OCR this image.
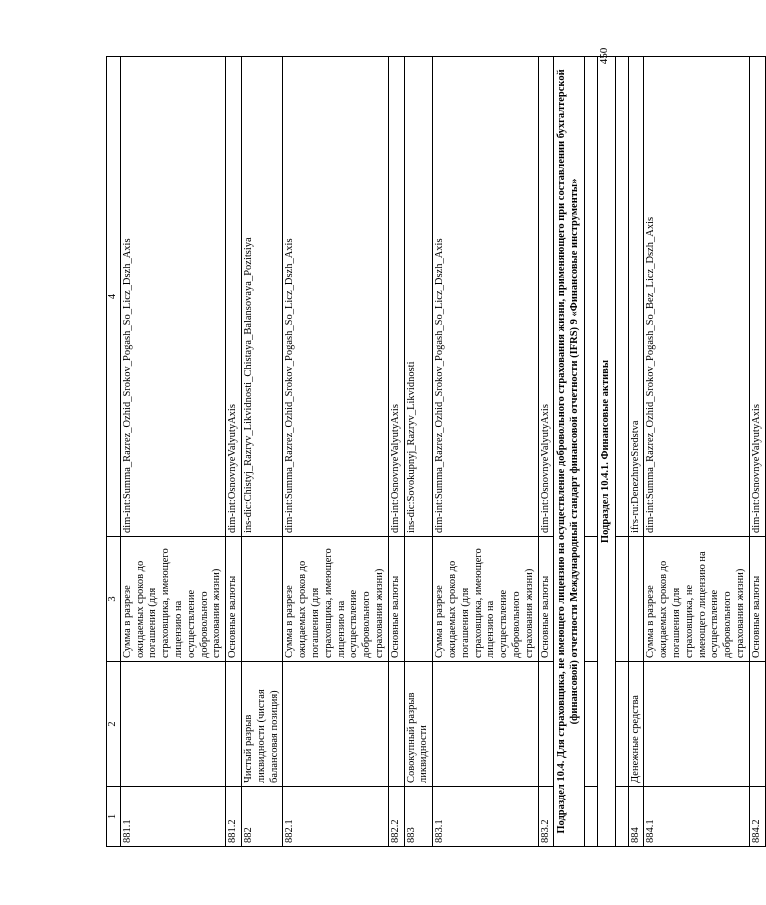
450
1	2	3	4
881.1		Сумма в разрезе ожидаемых сроков до погашения (для страховщика, имеющего лицензию на осуществление добровольного страхования жизни)	dim-int:Summa_Razrez_Ozhid_Srokov_Pogash_So_Licz_Dszh_Axis
881.2		Основные валюты	dim-int:OsnovnyeValyutyAxis
882	Чистый разрыв ликвидности (чистая балансовая позиция)		ins-dic:Chistyj_Razryv_Likvidnosti_Chistaya_Balansovaya_Pozitsiya
882.1		Сумма в разрезе ожидаемых сроков до погашения (для страховщика, имеющего лицензию на осуществление добровольного страхования жизни)	dim-int:Summa_Razrez_Ozhid_Srokov_Pogash_So_Licz_Dszh_Axis
882.2		Основные валюты	dim-int:OsnovnyeValyutyAxis
883	Совокупный разрыв ликвидности		ins-dic:Sovokupnyj_Razryv_Likvidnosti
883.1		Сумма в разрезе ожидаемых сроков до погашения (для страховщика, имеющего лицензию на осуществление добровольного страхования жизни)	dim-int:Summa_Razrez_Ozhid_Srokov_Pogash_So_Licz_Dszh_Axis
883.2		Основные валюты	dim-int:OsnovnyeValyutyAxis
Подраздел 10.4. Для страховщика, не имеющего лицензию на осуществление добровольного страхования жизни, применяющего при составлении бухгалтерской (финансовой) отчетности Международный стандарт финансовой отчетности (IFRS) 9 «Финансовые инструменты»			

Подраздел 10.4.1. Финансовые активы			

884	Денежные средства		ifrs-ru:DenezhnyeSredstva
884.1		Сумма в разрезе ожидаемых сроков до погашения (для страховщика, не имеющего лицензию на осуществление добровольного страхования жизни)	dim-int:Summa_Razrez_Ozhid_Srokov_Pogash_So_Bez_Licz_Dszh_Axis
884.2		Основные валюты	dim-int:OsnovnyeValyutyAxis
